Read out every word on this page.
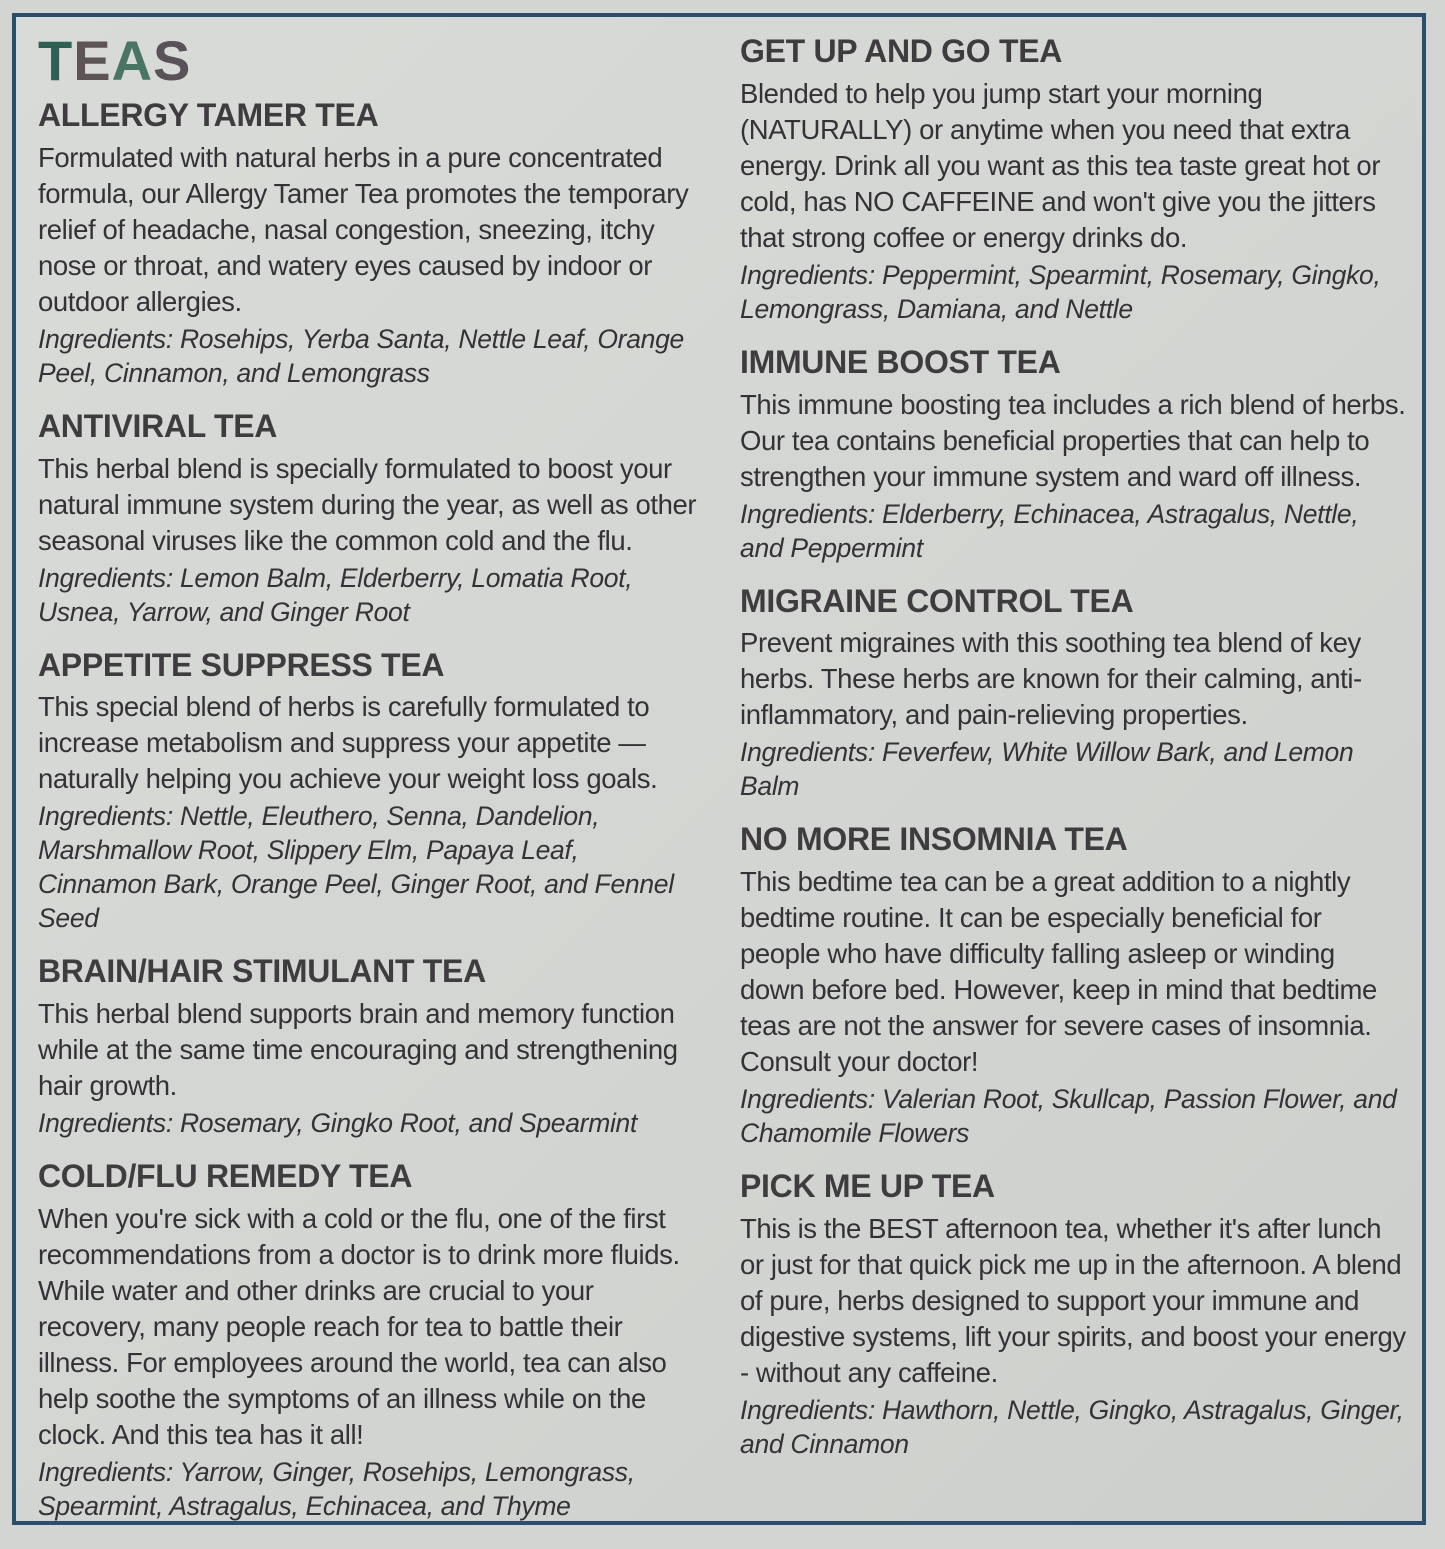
TEAS
ALLERGY TAMER TEA

Formulated with natural herbs in a pure concentrated formula, our Allergy Tamer Tea promotes the temporary relief of headache, nasal congestion, sneezing, itchy nose or throat, and watery eyes caused by indoor or outdoor allergies.

Ingredients: Rosehips, Yerba Santa, Nettle Leaf, Orange Peel, Cinnamon, and Lemongrass

ANTIVIRAL TEA

This herbal blend is specially formulated to boost your natural immune system during the year, as well as other seasonal viruses like the common cold and the flu.

Ingredients: Lemon Balm, Elderberry, Lomatia Root, Usnea, Yarrow, and Ginger Root

APPETITE SUPPRESS TEA

This special blend of herbs is carefully formulated to increase metabolism and suppress your appetite — naturally helping you achieve your weight loss goals.

Ingredients: Nettle, Eleuthero, Senna, Dandelion, Marshmallow Root, Slippery Elm, Papaya Leaf, Cinnamon Bark, Orange Peel, Ginger Root, and Fennel Seed

BRAIN/HAIR STIMULANT TEA

This herbal blend supports brain and memory function while at the same time encouraging and strengthening hair growth.

Ingredients: Rosemary, Gingko Root, and Spearmint

COLD/FLU REMEDY TEA

When you're sick with a cold or the flu, one of the first recommendations from a doctor is to drink more fluids. While water and other drinks are crucial to your recovery, many people reach for tea to battle their illness. For employees around the world, tea can also help soothe the symptoms of an illness while on the clock. And this tea has it all!

Ingredients: Yarrow, Ginger, Rosehips, Lemongrass, Spearmint, Astragalus, Echinacea, and Thyme

GET UP AND GO TEA

Blended to help you jump start your morning (NATURALLY) or anytime when you need that extra energy. Drink all you want as this tea taste great hot or cold, has NO CAFFEINE and won't give you the jitters that strong coffee or energy drinks do.

Ingredients: Peppermint, Spearmint, Rosemary, Gingko, Lemongrass, Damiana, and Nettle

IMMUNE BOOST TEA

This immune boosting tea includes a rich blend of herbs. Our tea contains beneficial properties that can help to strengthen your immune system and ward off illness.

Ingredients: Elderberry, Echinacea, Astragalus, Nettle, and Peppermint

MIGRAINE CONTROL TEA

Prevent migraines with this soothing tea blend of key herbs. These herbs are known for their calming, anti-inflammatory, and pain-relieving properties.

Ingredients: Feverfew, White Willow Bark, and Lemon Balm

NO MORE INSOMNIA TEA

This bedtime tea can be a great addition to a nightly bedtime routine. It can be especially beneficial for people who have difficulty falling asleep or winding down before bed. However, keep in mind that bedtime teas are not the answer for severe cases of insomnia. Consult your doctor!

Ingredients: Valerian Root, Skullcap, Passion Flower, and Chamomile Flowers

PICK ME UP TEA

This is the BEST afternoon tea, whether it's after lunch or just for that quick pick me up in the afternoon. A blend of pure, herbs designed to support your immune and digestive systems, lift your spirits, and boost your energy - without any caffeine.

Ingredients: Hawthorn, Nettle, Gingko, Astragalus, Ginger, and Cinnamon
